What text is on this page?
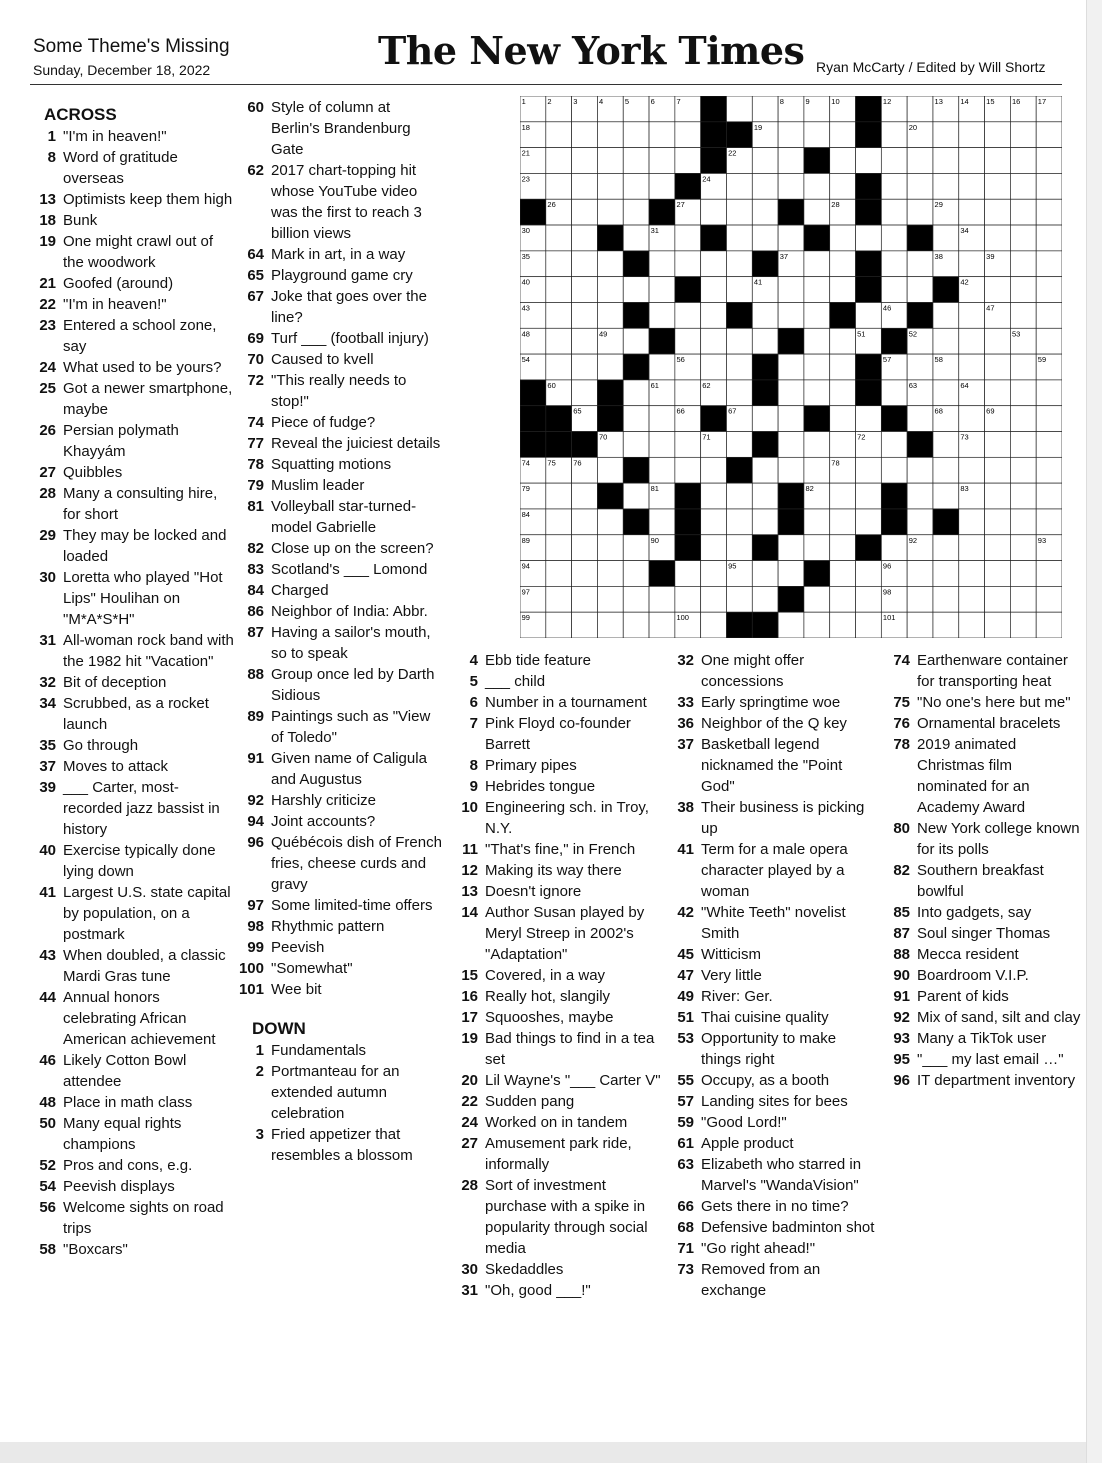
Some Theme's Missing
Sunday, December 18, 2022	The New York Times Ryan McCarty / Edited by Will Shortz
ACROSS
1 "I'm in heaven!"
8 Word of gratitude overseas
13 Optimists keep them high
18 Bunk
19 One might crawl out of the woodwork
21 Goofed (around)
22 "I'm in heaven!"
23 Entered a school zone, say
24 What used to be yours?
25 Got a newer smartphone, maybe
26 Persian polymath Khayyám
27 Quibbles
28 Many a consulting hire, for short
29 They may be locked and loaded
30 Loretta who played "Hot Lips" Houlihan on "M*A*S*H"
31 All-woman rock band with the 1982 hit "Vacation"
32 Bit of deception
34 Scrubbed, as a rocket launch
35 Go through
37 Moves to attack
39 ___ Carter, most-recorded jazz bassist in history
40 Exercise typically done lying down
41 Largest U.S. state capital by population, on a postmark
43 When doubled, a classic Mardi Gras tune
44 Annual honors celebrating African American achievement
46 Likely Cotton Bowl attendee
48 Place in math class
50 Many equal rights champions
52 Pros and cons, e.g.
54 Peevish displays
56 Welcome sights on road trips
58 "Boxcars"
60 Style of column at Berlin's Brandenburg Gate
62 2017 chart-topping hit whose YouTube video was the first to reach 3 billion views
64 Mark in art, in a way
65 Playground game cry
67 Joke that goes over the line?
69 Turf ___ (football injury)
70 Caused to kvell
72 "This really needs to stop!"
74 Piece of fudge?
77 Reveal the juiciest details
78 Squatting motions
79 Muslim leader
81 Volleyball star-turned-model Gabrielle
82 Close up on the screen?
83 Scotland's ___ Lomond
84 Charged
86 Neighbor of India: Abbr.
87 Having a sailor's mouth, so to speak
88 Group once led by Darth Sidious
89 Paintings such as "View of Toledo"
91 Given name of Caligula and Augustus
92 Harshly criticize
94 Joint accounts?
96 Québécois dish of French fries, cheese curds and gravy
97 Some limited-time offers
98 Rhythmic pattern
99 Peevish
100 "Somewhat"
101 Wee bit
DOWN
1 Fundamentals
2 Portmanteau for an extended autumn celebration
3 Fried appetizer that resembles a blossom
4 Ebb tide feature
5 ___ child
6 Number in a tournament
7 Pink Floyd co-founder Barrett
8 Primary pipes
9 Hebrides tongue
10 Engineering sch. in Troy, N.Y.
11 "That's fine," in French
12 Making its way there
13 Doesn't ignore
14 Author Susan played by Meryl Streep in 2002's "Adaptation"
15 Covered, in a way
16 Really hot, slangily
17 Squooshes, maybe
19 Bad things to find in a tea set
20 Lil Wayne's "___ Carter V"
22 Sudden pang
24 Worked on in tandem
27 Amusement park ride, informally
28 Sort of investment purchase with a spike in popularity through social media
30 Skedaddles
31 "Oh, good ___!"
32 One might offer concessions
33 Early springtime woe
36 Neighbor of the Q key
37 Basketball legend nicknamed the "Point God"
38 Their business is picking up
41 Term for a male opera character played by a woman
42 "White Teeth" novelist Smith
45 Witticism
47 Very little
49 River: Ger.
51 Thai cuisine quality
53 Opportunity to make things right
55 Occupy, as a booth
57 Landing sites for bees
59 "Good Lord!"
61 Apple product
63 Elizabeth who starred in Marvel's "WandaVision"
66 Gets there in no time?
68 Defensive badminton shot
71 "Go right ahead!"
73 Removed from an exchange
74 Earthenware container for transporting heat
75 "No one's here but me"
76 Ornamental bracelets
78 2019 animated Christmas film nominated for an Academy Award
80 New York college known for its polls
82 Southern breakfast bowlful
85 Into gadgets, say
87 Soul singer Thomas
88 Mecca resident
90 Boardroom V.I.P.
91 Parent of kids
92 Mix of sand, silt and clay
93 Many a TikTok user
95 "___ my last email …"
96 IT department inventory
1	2	3	4	5	6	7	8	9	10 11 12	13 14 15 16 17
18	19	20
21	22
23	24	25
26	27	28	29
30	31	32	33	34
35	36	37	38	39
40	41	42
43	44	45	46	47
48	49	50	51	52	53
54	55	56	57	58	59
60	61	62	63	64
65	66	67	68	69
70	71	72	73
74 75 76	77	78
79	80	81	82	83
84	85	86	87	88
89	90	91	92	93
94	95	96
97	98
99	100	101
